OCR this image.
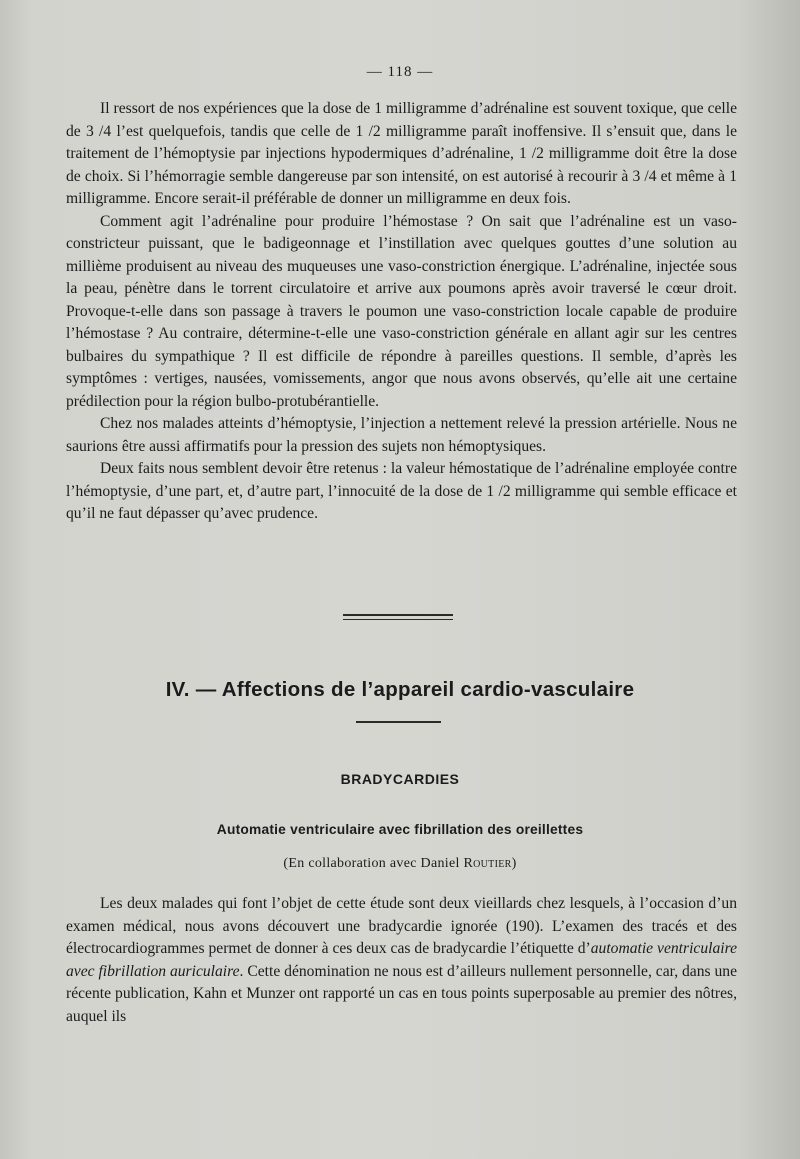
— 118 —

Il ressort de nos expériences que la dose de 1 milligramme d’adrénaline est souvent toxique, que celle de 3 /4 l’est quelquefois, tandis que celle de 1 /2 milligramme paraît inoffensive. Il s’ensuit que, dans le traitement de l’hémoptysie par injections hypodermiques d’adrénaline, 1 /2 milligramme doit être la dose de choix. Si l’hémorragie semble dangereuse par son intensité, on est autorisé à recourir à 3 /4 et même à 1 milligramme. Encore serait-il préférable de donner un milligramme en deux fois.

Comment agit l’adrénaline pour produire l’hémostase ? On sait que l’adrénaline est un vaso-constricteur puissant, que le badigeonnage et l’instillation avec quelques gouttes d’une solution au millième produisent au niveau des muqueuses une vaso-constriction énergique. L’adrénaline, injectée sous la peau, pénètre dans le torrent circulatoire et arrive aux poumons après avoir traversé le cœur droit. Provoque-t-elle dans son passage à travers le poumon une vaso-constriction locale capable de produire l’hémostase ? Au contraire, détermine-t-elle une vaso-constriction générale en allant agir sur les centres bulbaires du sympathique ? Il est difficile de répondre à pareilles questions. Il semble, d’après les symptômes : vertiges, nausées, vomissements, angor que nous avons observés, qu’elle ait une certaine prédilection pour la région bulbo-protubérantielle.

Chez nos malades atteints d’hémoptysie, l’injection a nettement relevé la pression artérielle. Nous ne saurions être aussi affirmatifs pour la pression des sujets non hémoptysiques.

Deux faits nous semblent devoir être retenus : la valeur hémostatique de l’adrénaline employée contre l’hémoptysie, d’une part, et, d’autre part, l’innocuité de la dose de 1 /2 milligramme qui semble efficace et qu’il ne faut dépasser qu’avec prudence.

IV. — Affections de l’appareil cardio-vasculaire
BRADYCARDIES
Automatie ventriculaire avec fibrillation des oreillettes
(En collaboration avec Daniel Routier)

Les deux malades qui font l’objet de cette étude sont deux vieillards chez lesquels, à l’occasion d’un examen médical, nous avons découvert une bradycardie ignorée (190). L’examen des tracés et des électrocardiogrammes permet de donner à ces deux cas de bradycardie l’étiquette d’automatie ventriculaire avec fibrillation auriculaire. Cette dénomination ne nous est d’ailleurs nullement personnelle, car, dans une récente publication, Kahn et Munzer ont rapporté un cas en tous points superposable au premier des nôtres, auquel ils
